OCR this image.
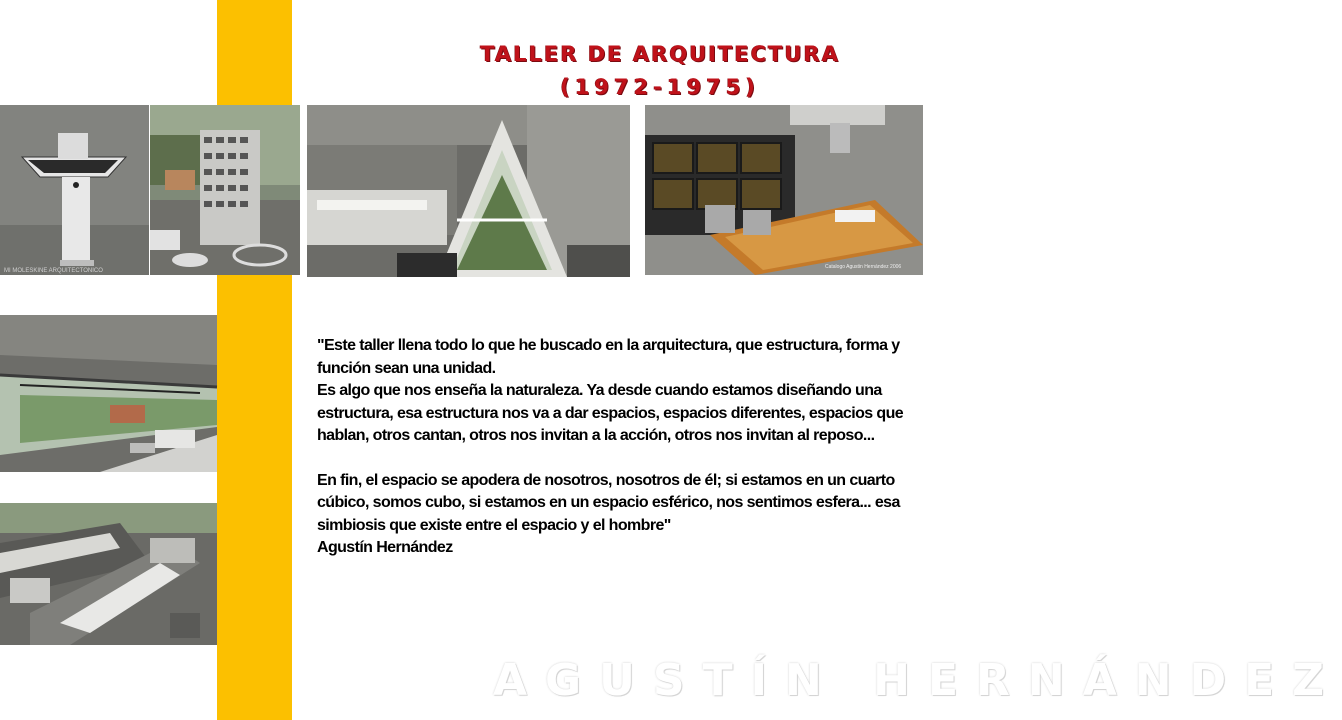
TALLER DE ARQUITECTURA
(1972-1975)
MI MOLESKINE ARQUITECTONICO
Catalogo Agustin Hernández 2006

"Este taller llena todo lo que he buscado en la arquitectura, que estructura, forma y función sean una unidad.

Es algo que nos enseña la naturaleza. Ya desde cuando estamos diseñando una estructura, esa estructura nos va a dar espacios, espacios diferentes, espacios que hablan, otros cantan, otros nos invitan a la acción, otros nos invitan al reposo...

En fin, el espacio se apodera de nosotros, nosotros de él; si estamos en un cuarto cúbico, somos cubo, si estamos en un espacio esférico, nos sentimos esfera... esa simbiosis que existe entre el espacio y el hombre"

Agustín Hernández

AGUSTÍN HERNÁNDEZ
